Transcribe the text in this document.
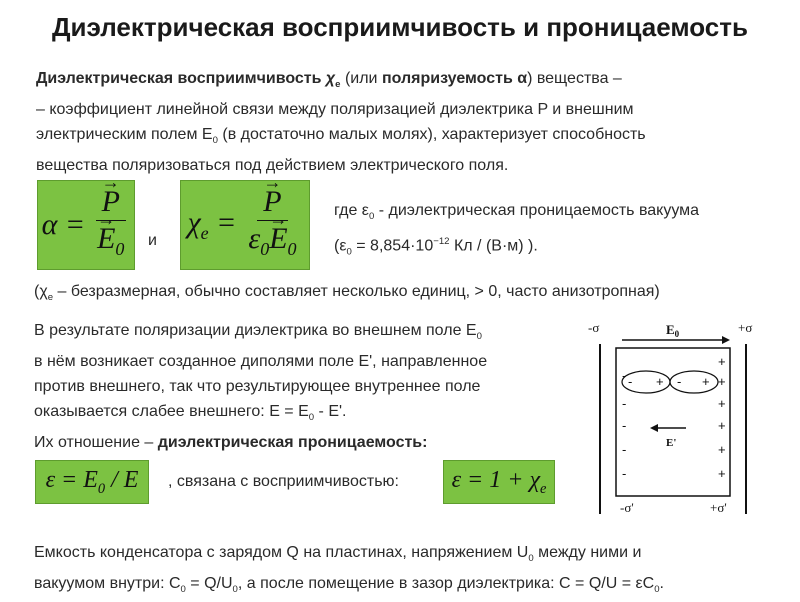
Диэлектрическая восприимчивость и проницаемость
Диэлектрическая восприимчивость $\chi_e$ (или поляризуемость α) вещества –
– коэффициент линейной связи между поляризацией диэлектрика P и внешним
электрическим полем $E_0$ (в достаточно малых молях), характеризует способность
вещества поляризоваться под действием электрического поля.
α = → P
→ $E_0$ и
$\chi_e$ = → $\frac{P}{\varepsilon_0\to E_0}$ где $\varepsilon_0$ - диэлектрическая проницаемость вакуума
($\varepsilon_0 = 8,854\cdot 10^{-12}$ Кл / (В·м) ).
($\chi_e$ – безразмерная, обычно составляет несколько единиц, > 0, часто анизотропная)
В результате поляризации диэлектрика во внешнем поле $E_0$
в нём возникает созданное диполями поле E', направленное
против внешнего, так что результирующее внутреннее поле
оказывается слабее внешнего: $E = E_0 - E'$.
Их отношение – диэлектрическая проницаемость:
$\varepsilon = E_0 / E$ , связана с восприимчивостью: $\varepsilon = 1 + \chi_e$
-σ	+σ
$E_0$
- + - +
-
-
-
-
-
+
+
+
+
+
+
E'
-σ'	+σ'
Емкость конденсатора с зарядом Q на пластинах, напряжением $U_0$ между ними и
вакуумом внутри: $C_0 = Q/U_0$, а после помещение в зазор диэлектрика: $C = Q/U = \varepsilon C_0$.
